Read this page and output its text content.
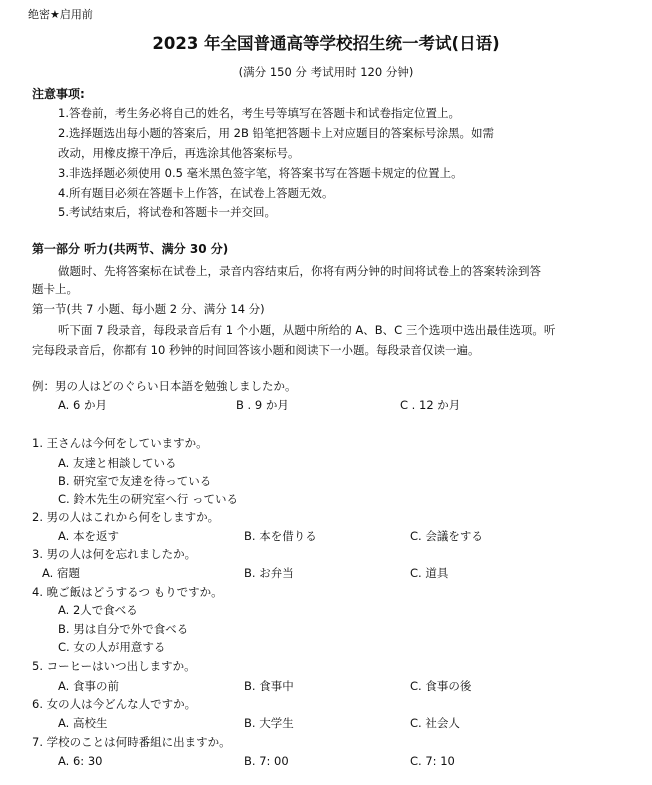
绝密★启用前
2023 年全国普通高等学校招生统一考试(日语)
(满分 150 分 考试用时 120 分钟)
注意事项:
1.答卷前，考生务必将自己的姓名，考生号等填写在答题卡和试卷指定位置上。
2.选择题选出每小题的答案后，用 2B 铅笔把答题卡上对应题目的答案标号涂黑。如需
改动，用橡皮擦干净后，再选涂其他答案标号。
3.非选择题必须使用 0.5 毫米黑色签字笔，将答案书写在答题卡规定的位置上。
4.所有题目必须在答题卡上作答，在试卷上答题无效。
5.考试结束后，将试卷和答题卡一并交回。
第一部分 听力(共两节、满分 30 分)
做题时、先将答案标在试卷上，录音内容结束后，你将有两分钟的时间将试卷上的答案转涂到答
题卡上。
第一节(共 7 小题、每小题 2 分、满分 14 分)
听下面 7 段录音，每段录音后有 1 个小题，从题中所给的 A、B、C 三个选项中选出最佳选项。听
完每段录音后，你都有 10 秒钟的时间回答该小题和阅读下一小题。每段录音仅读一遍。
例：男の人はどのぐらい日本語を勉強しましたか。
A. 6 か月	B . 9 か月	C . 12 か月
1. 王さんは今何をしていますか。
A. 友達と相談している
B. 研究室で友達を待っている
C. 鈴木先生の研究室へ行 っている
2. 男の人はこれから何をしますか。
A. 本を返す	B. 本を借りる	C. 会議をする
3. 男の人は何を忘れましたか。
A. 宿題	B. お弁当	C. 道具
4. 晩ご飯はどうするつ もりですか。
A. 2人で食べる
B. 男は自分で外で食べる
C. 女の人が用意する
5. コーヒーはいつ出しますか。
A. 食事の前	B. 食事中	C. 食事の後
6. 女の人は今どんな人ですか。
A. 高校生	B. 大学生	C. 社会人
7. 学校のことは何時番組に出ますか。
A. 6: 30	B. 7: 00	C. 7: 10
